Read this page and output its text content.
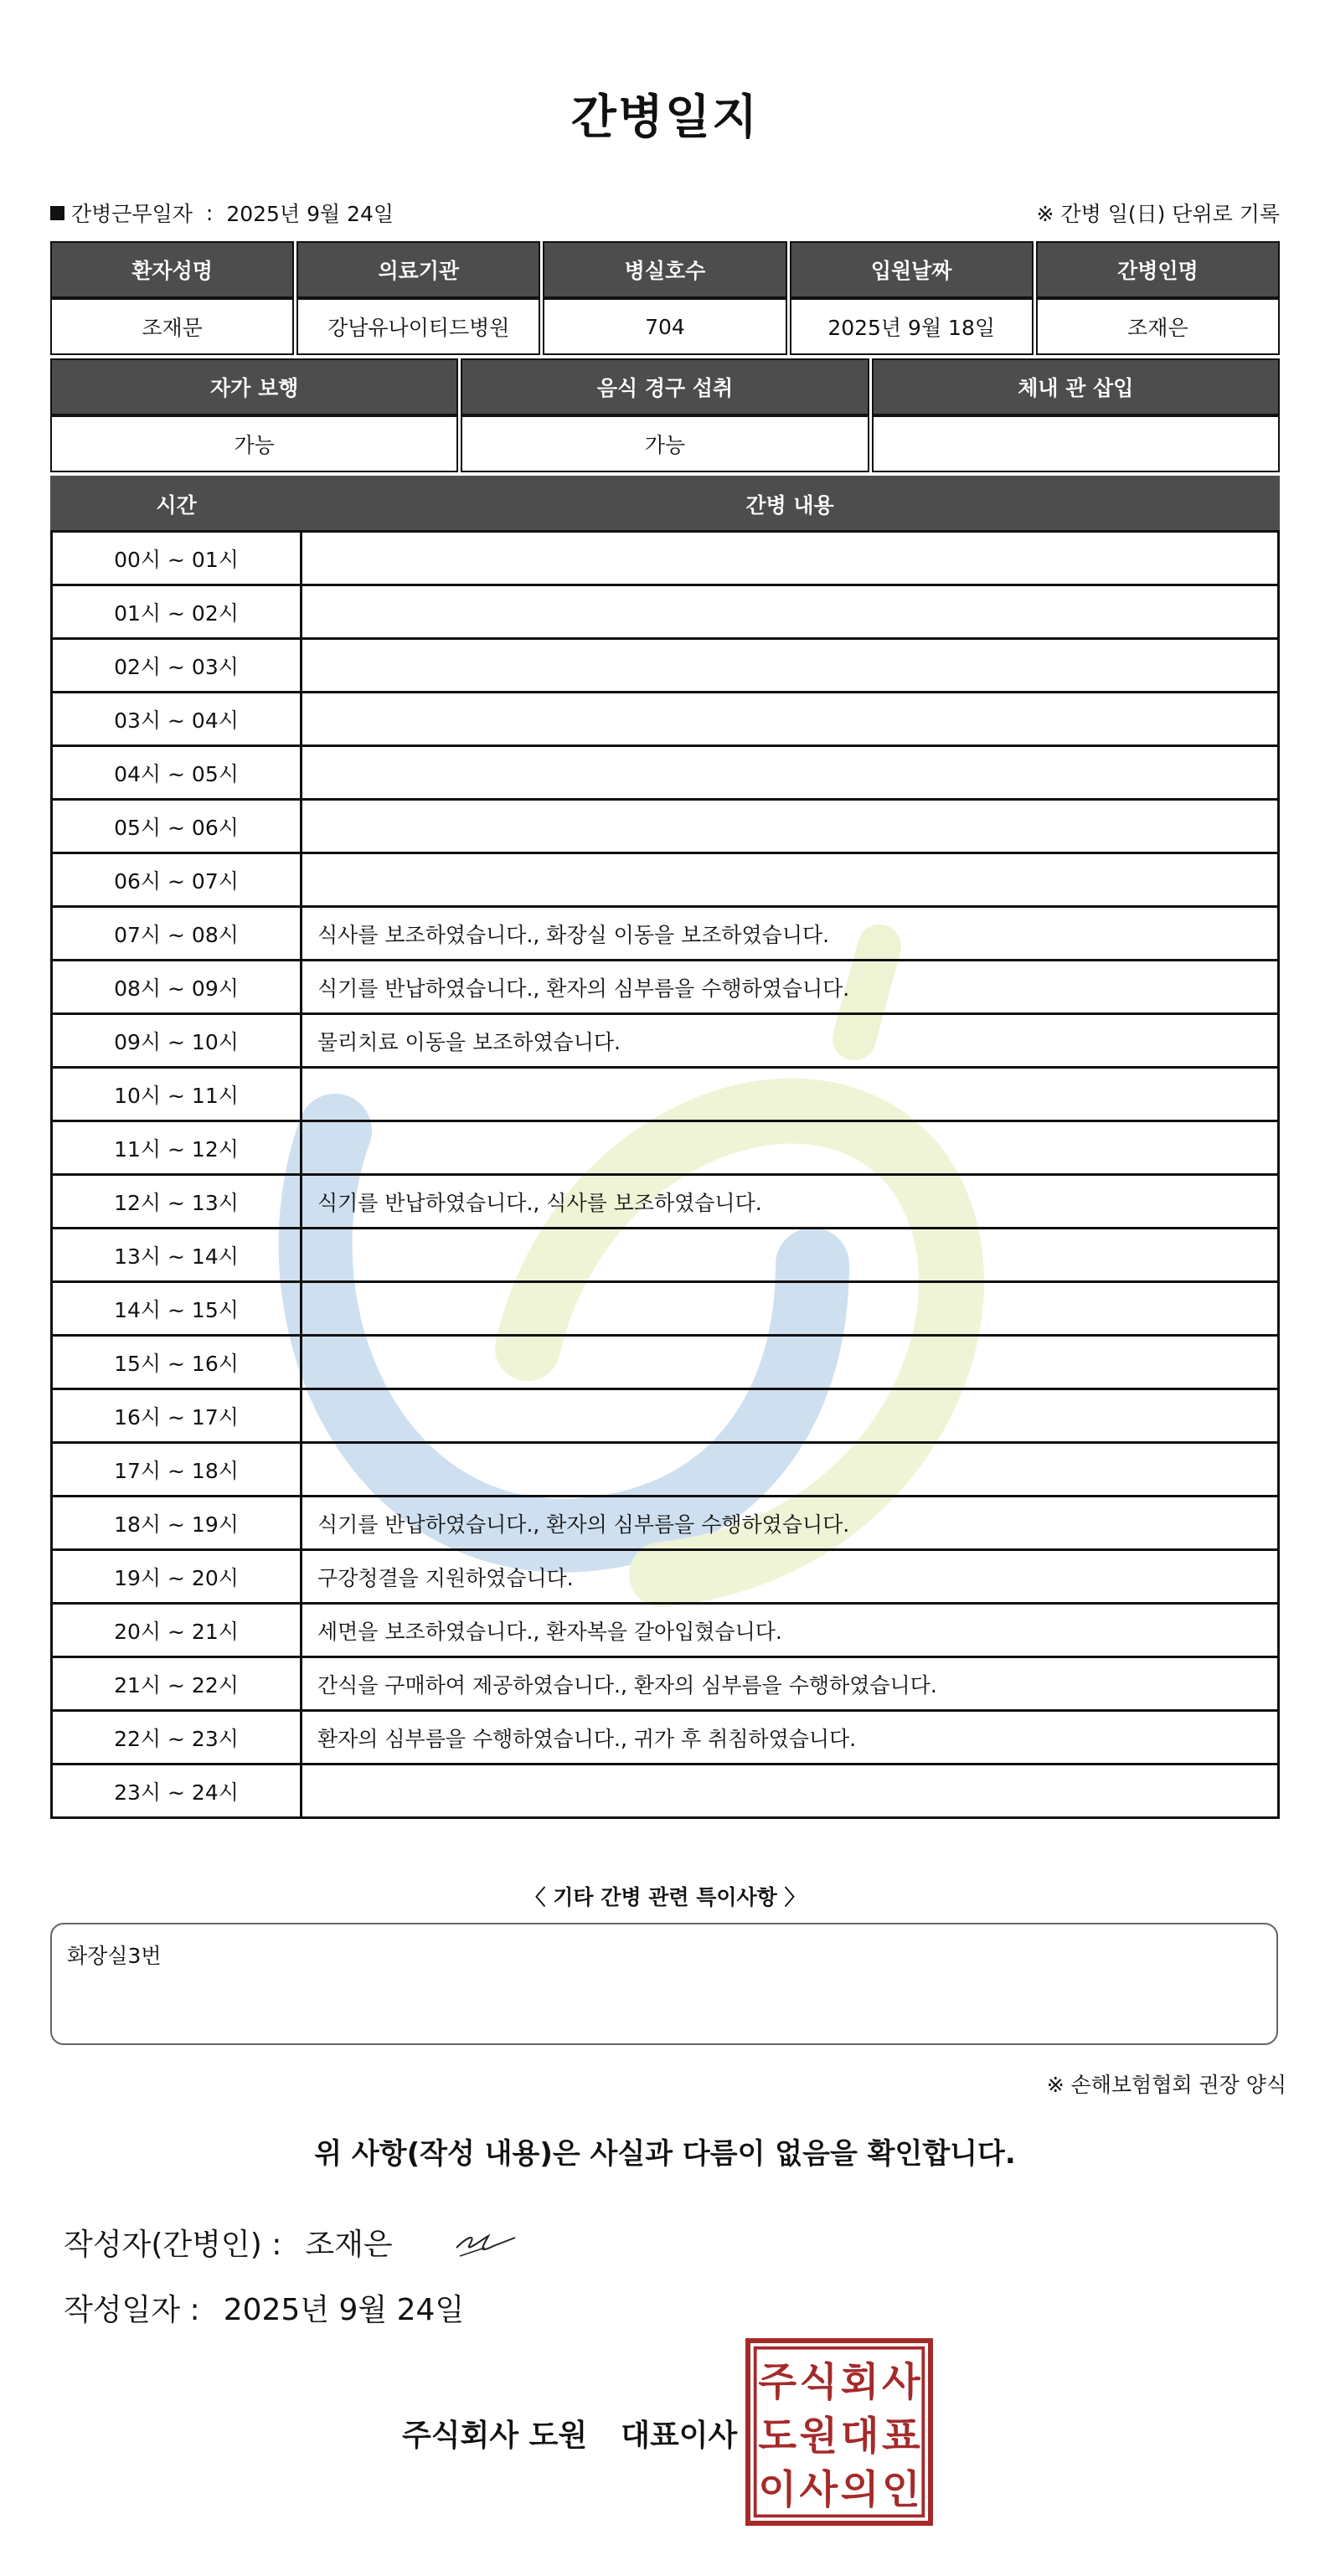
간병일지
간병근무일자 : 2025년 9월 24일	※ 간병 일(日) 단위로 기록
환자성명	의료기관	병실호수	입원날짜	간병인명
조재문	강남유나이티드병원	704	2025년 9월 18일	조재은
자가 보행	음식 경구 섭취	체내 관 삽입
가능	가능	
시간	간병 내용
00시 ~ 01시	
01시 ~ 02시	
02시 ~ 03시	
03시 ~ 04시	
04시 ~ 05시	
05시 ~ 06시	
06시 ~ 07시	
07시 ~ 08시	식사를 보조하였습니다., 화장실 이동을 보조하였습니다.
08시 ~ 09시	식기를 반납하였습니다., 환자의 심부름을 수행하였습니다.
09시 ~ 10시	물리치료 이동을 보조하였습니다.
10시 ~ 11시	
11시 ~ 12시	
12시 ~ 13시	식기를 반납하였습니다., 식사를 보조하였습니다.
13시 ~ 14시	
14시 ~ 15시	
15시 ~ 16시	
16시 ~ 17시	
17시 ~ 18시	
18시 ~ 19시	식기를 반납하였습니다., 환자의 심부름을 수행하였습니다.
19시 ~ 20시	구강청결을 지원하였습니다.
20시 ~ 21시	세면을 보조하였습니다., 환자복을 갈아입혔습니다.
21시 ~ 22시	간식을 구매하여 제공하였습니다., 환자의 심부름을 수행하였습니다.
22시 ~ 23시	환자의 심부름을 수행하였습니다., 귀가 후 취침하였습니다.
23시 ~ 24시	
〈 기타 간병 관련 특이사항 〉
화장실3번
※ 손해보험협회 권장 양식
위 사항(작성 내용)은 사실과 다름이 없음을 확인합니다.
작성자(간병인) : 조재은
작성일자 : 2025년 9월 24일
주식회사 도원 대표이사
주 식 회 사
도 원 대 표
이 사 의 인
